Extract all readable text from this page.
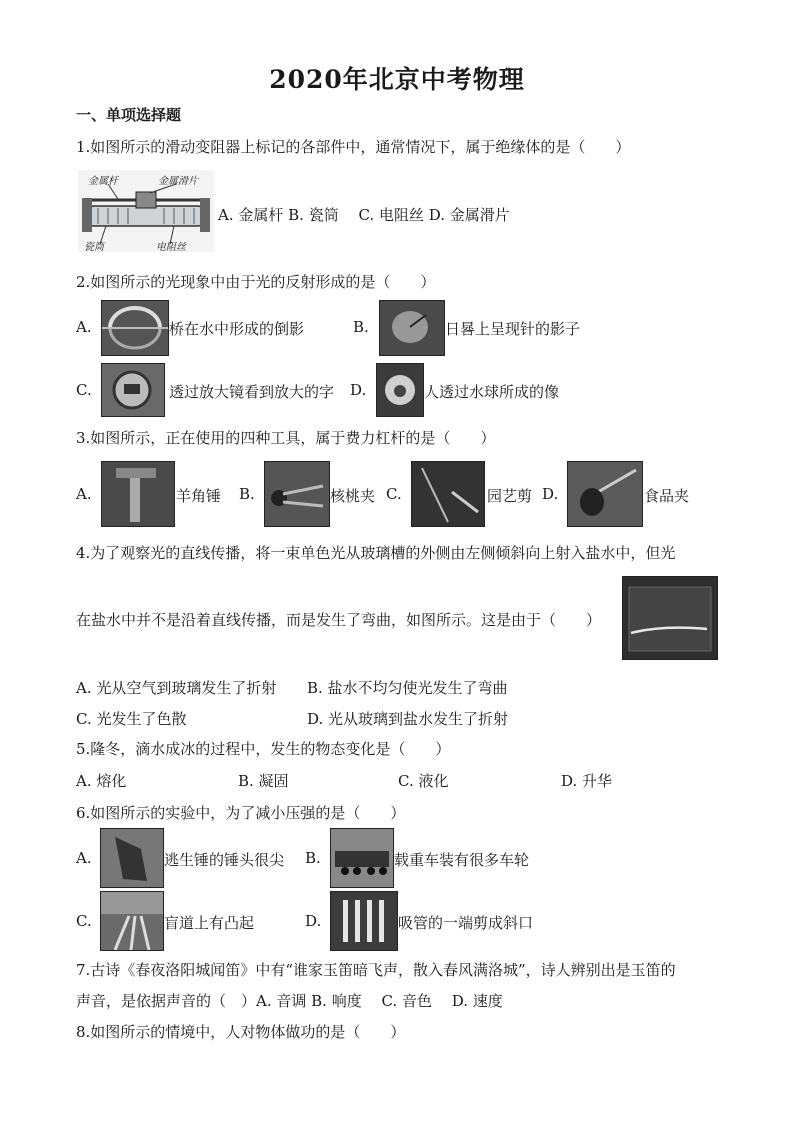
2020年北京中考物理
一、单项选择题
1.如图所示的滑动变阻器上标记的各部件中，通常情况下，属于绝缘体的是（　　）
金属杆	金属滑片
瓷筒	电阻丝
A. 金属杆 B. 瓷筒　 C. 电阻丝 D. 金属滑片
2.如图所示的光现象中由于光的反射形成的是（　　）
A.	桥在水中形成的倒影	B.	日晷上呈现针的影子
C.	透过放大镜看到放大的字 D.	人透过水球所成的像
3.如图所示，正在使用的四种工具，属于费力杠杆的是（　　）
A.	羊角锤 B.	核桃夹 C.	园艺剪 D.	食品夹
4.为了观察光的直线传播，将一束单色光从玻璃槽的外侧由左侧倾斜向上射入盐水中，但光
在盐水中并不是沿着直线传播，而是发生了弯曲，如图所示。这是由于（　　）
A. 光从空气到玻璃发生了折射 B. 盐水不均匀使光发生了弯曲
C. 光发生了色散	D. 光从玻璃到盐水发生了折射
5.隆冬，滴水成冰的过程中，发生的物态变化是（　　）
A. 熔化	B. 凝固	C. 液化	D. 升华
6.如图所示的实验中，为了减小压强的是（　　）
A.	逃生锤的锤头很尖 B.	载重车装有很多车轮
C.	盲道上有凸起	D.	吸管的一端剪成斜口
7.古诗《春夜洛阳城闻笛》中有“谁家玉笛暗飞声，散入春风满洛城”，诗人辨别出是玉笛的
声音，是依据声音的（　）A. 音调 B. 响度　 C. 音色　 D. 速度
8.如图所示的情境中，人对物体做功的是（　　）
